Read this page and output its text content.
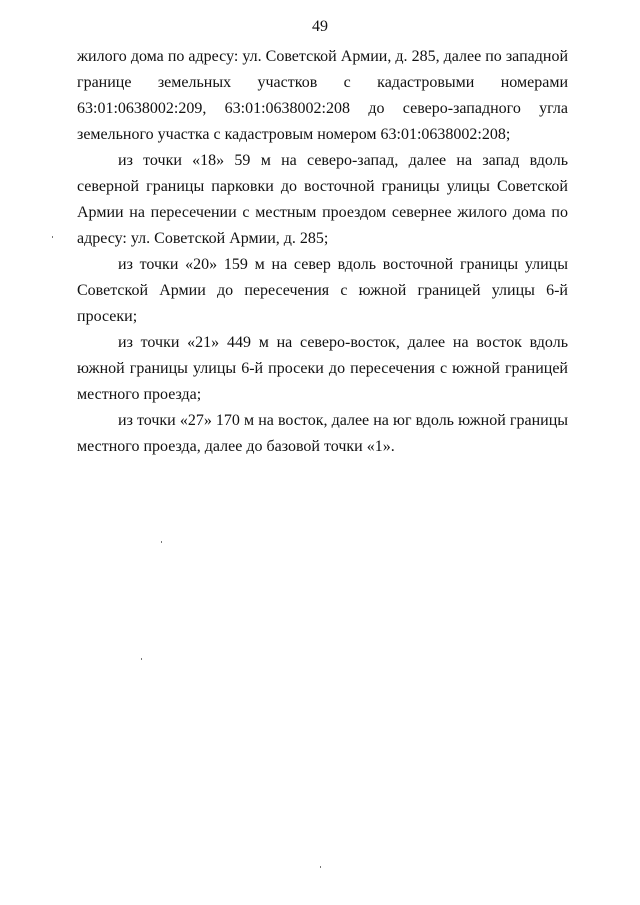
49

жилого дома по адресу: ул. Советской Армии, д. 285, далее по западной границе земельных участков с кадастровыми номерами 63:01:0638002:209, 63:01:0638002:208 до северо-западного угла земельного участка с кадастровым номером 63:01:0638002:208;

из точки «18» 59 м на северо-запад, далее на запад вдоль северной границы парковки до восточной границы улицы Советской Армии на пересечении с местным проездом севернее жилого дома по адресу: ул. Советской Армии, д. 285;

из точки «20» 159 м на север вдоль восточной границы улицы Советской Армии до пересечения с южной границей улицы 6-й просеки;

из точки «21» 449 м на северо-восток, далее на восток вдоль южной границы улицы 6-й просеки до пересечения с южной границей местного проезда;

из точки «27» 170 м на восток, далее на юг вдоль южной границы местного проезда, далее до базовой точки «1».
